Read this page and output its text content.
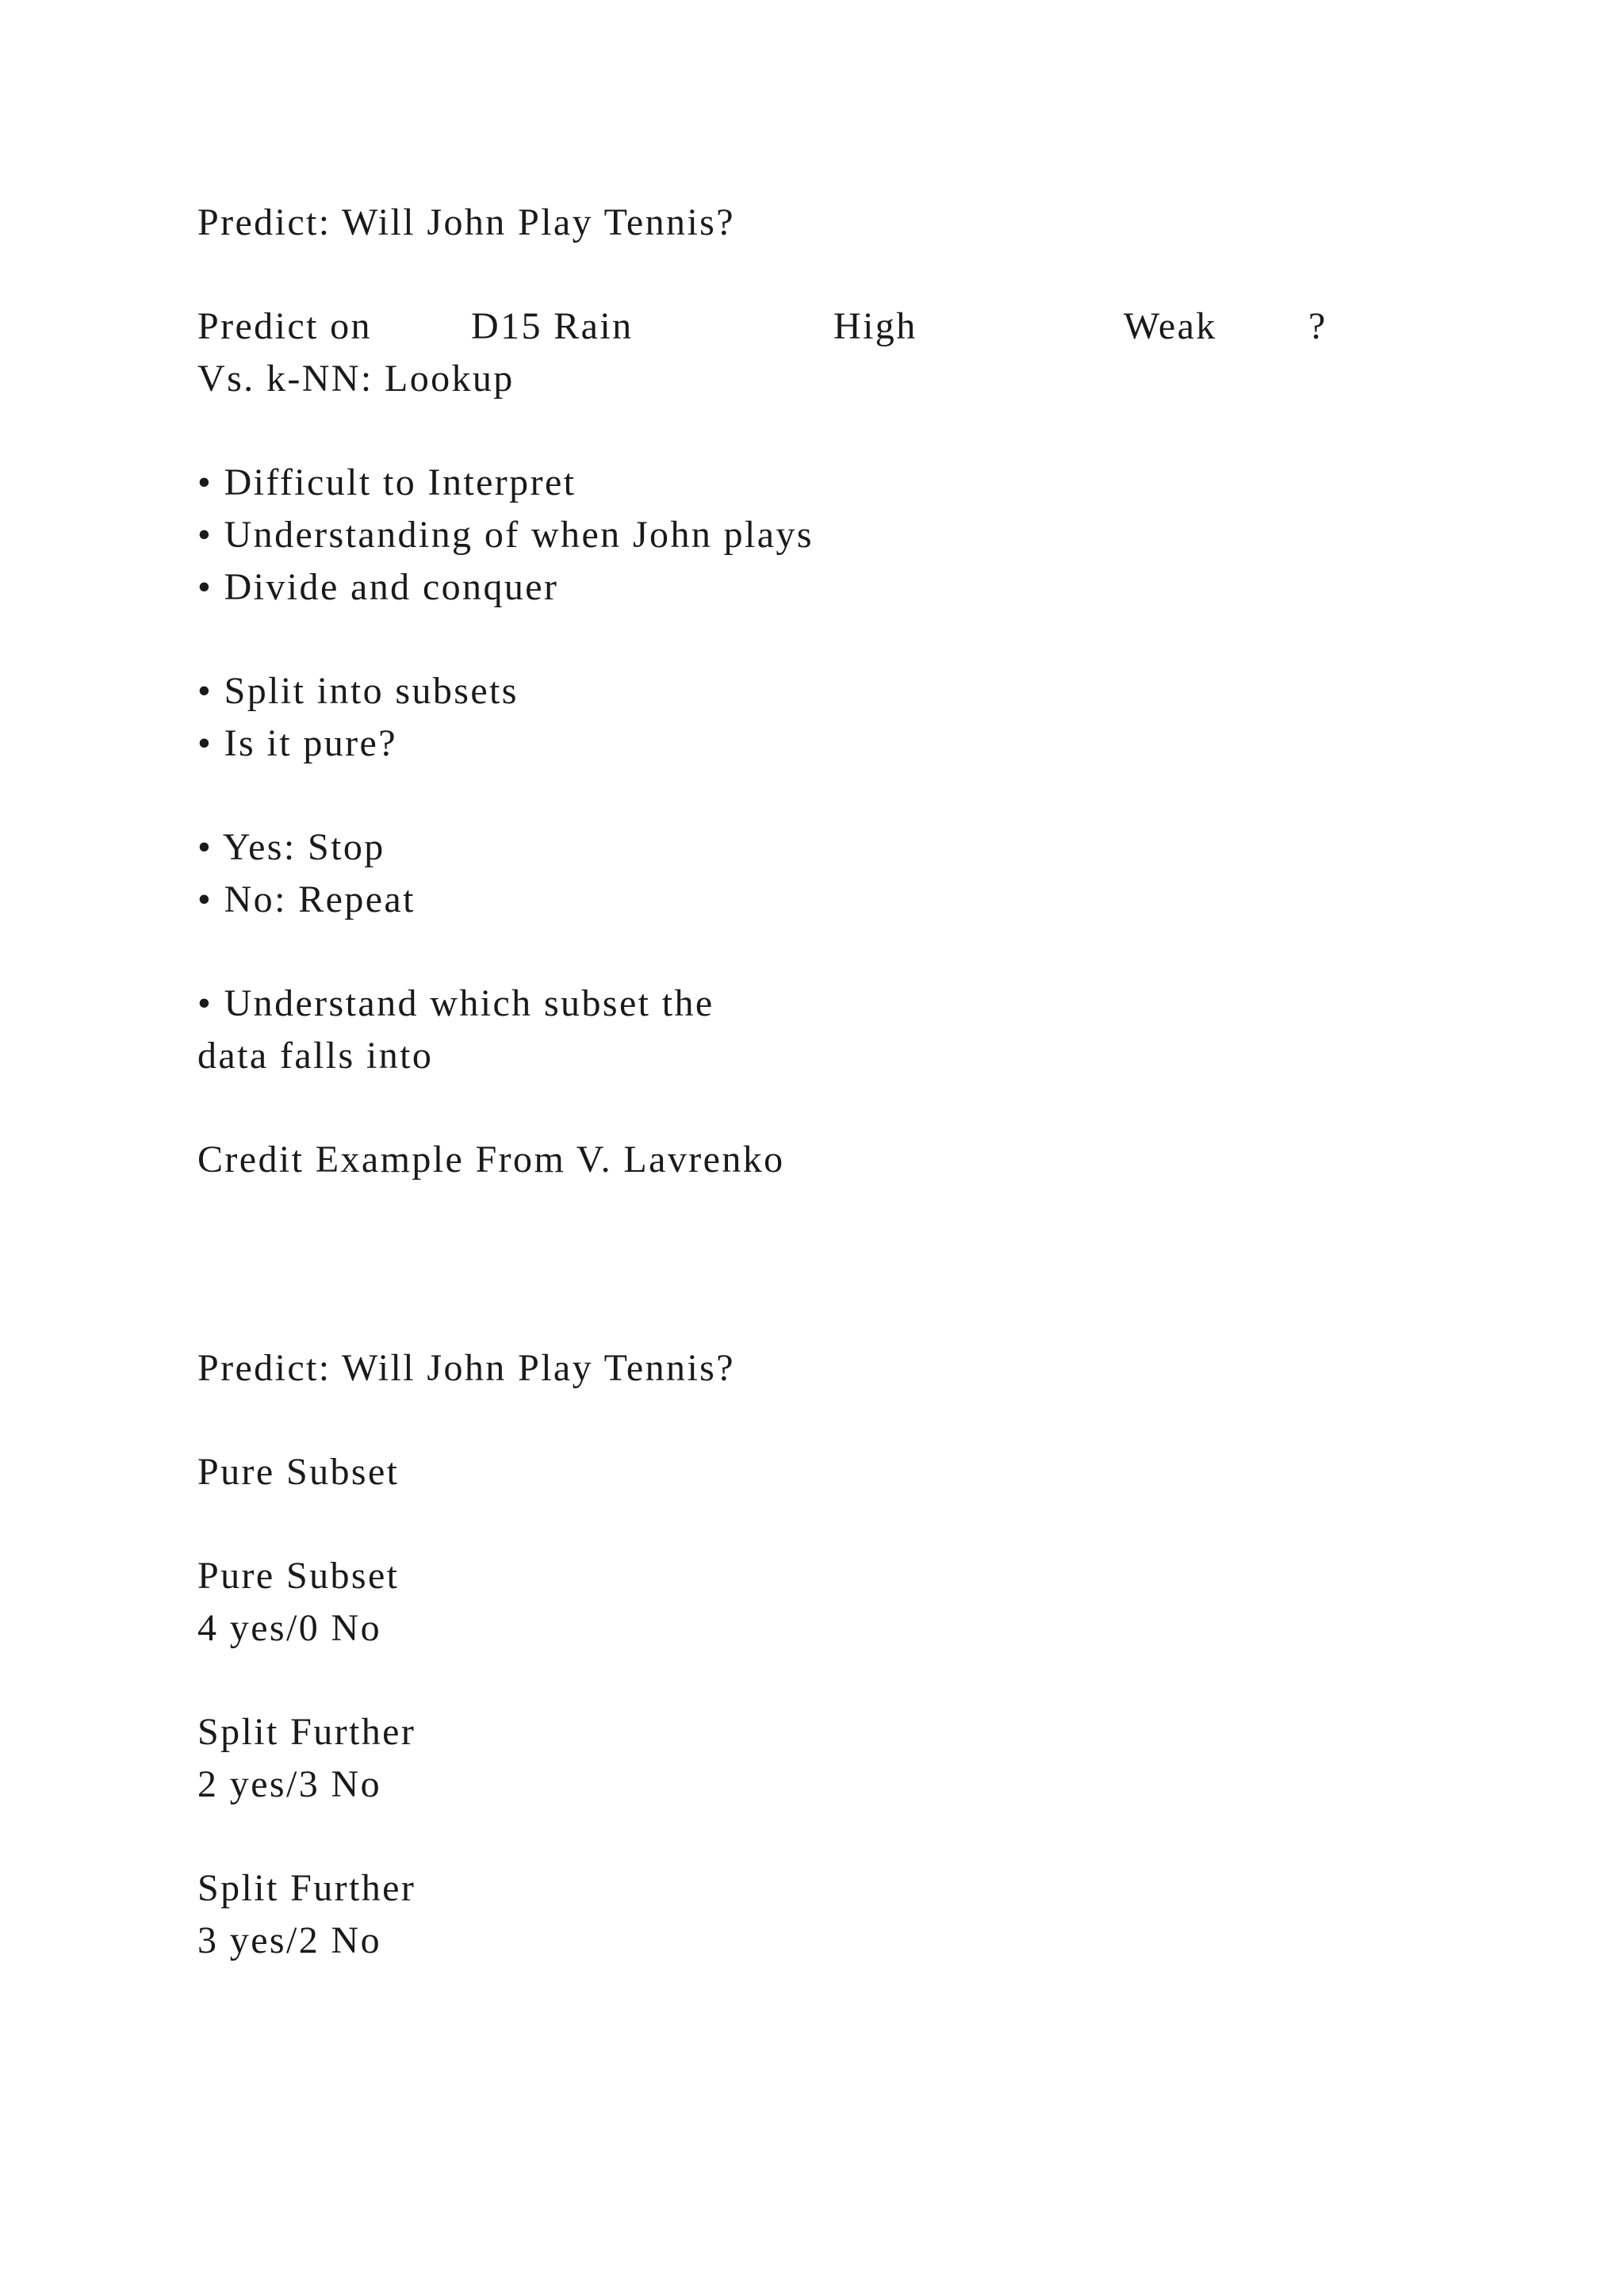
Predict: Will John Play Tennis?

Predict on	D15 Rain	High	Weak ?

Vs. k-NN: Lookup

• Difficult to Interpret

• Understanding of when John plays

• Divide and conquer

• Split into subsets

• Is it pure?

• Yes: Stop

• No: Repeat

• Understand which subset the

data falls into

Credit Example From V. Lavrenko

Predict: Will John Play Tennis?

Pure Subset

Pure Subset

4 yes/0 No

Split Further

2 yes/3 No

Split Further

3 yes/2 No
